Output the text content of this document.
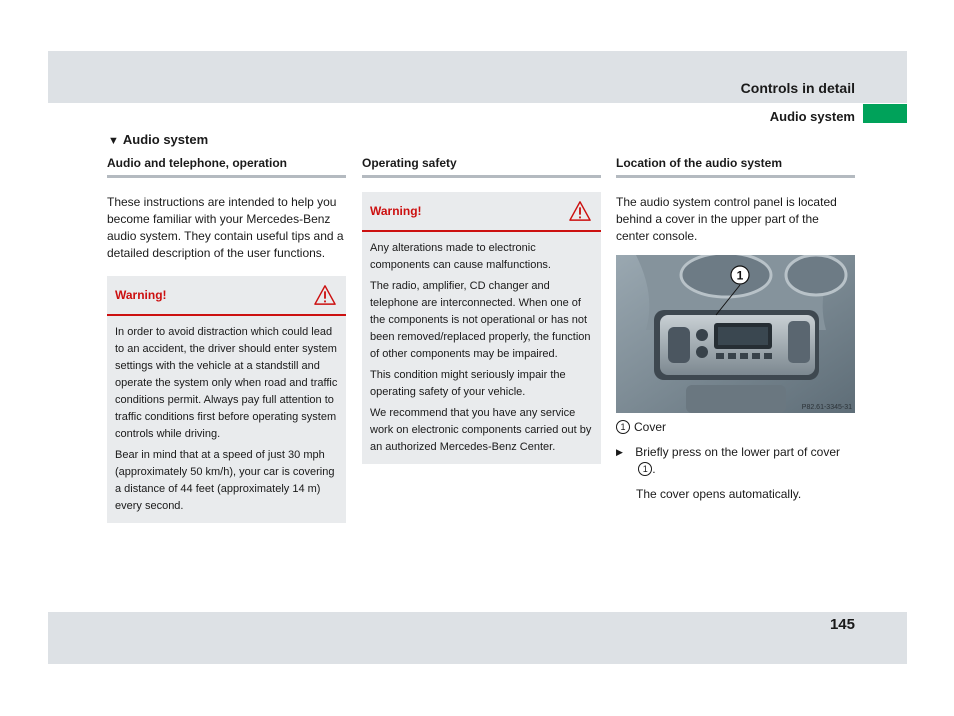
Controls in detail
Audio system
▼ Audio system
Audio and telephone, operation

These instructions are intended to help you become familiar with your Mercedes-Benz audio system. They contain useful tips and a detailed description of the user functions.

Warning!

In order to avoid distraction which could lead to an accident, the driver should enter system settings with the vehicle at a standstill and operate the system only when road and traffic conditions permit. Always pay full attention to traffic conditions first before operating system controls while driving.

Bear in mind that at a speed of just 30 mph (approximately 50 km/h), your car is covering a distance of 44 feet (approximately 14 m) every second.

Operating safety
Warning!

Any alterations made to electronic components can cause malfunctions.

The radio, amplifier, CD changer and telephone are interconnected. When one of the components is not operational or has not been removed/replaced properly, the function of other components may be impaired.

This condition might seriously impair the operating safety of your vehicle.

We recommend that you have any service work on electronic components carried out by an authorized Mercedes-Benz Center.

Location of the audio system

The audio system control panel is located behind a cover in the upper part of the center console.

1
P82.61-3345-31
1 Cover
▶	Briefly press on the lower part of cover 1 .
The cover opens automatically.
145
